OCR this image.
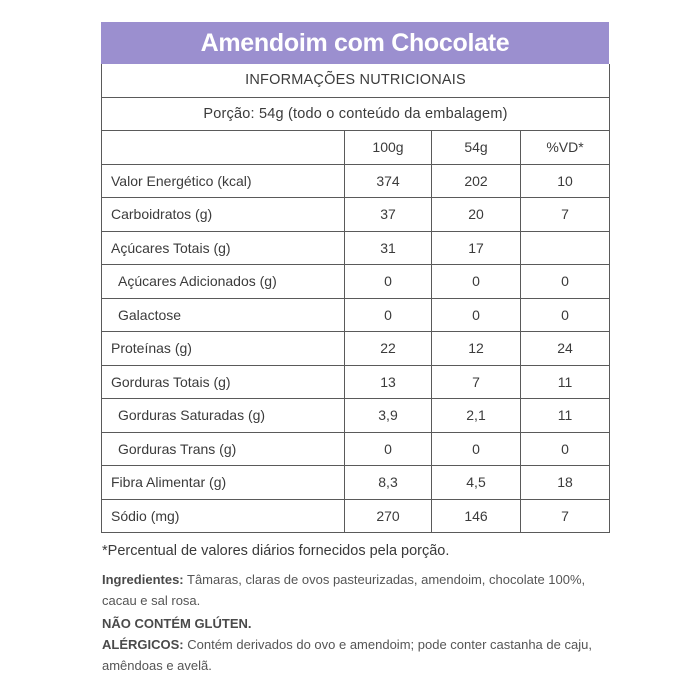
Amendoim com Chocolate
INFORMAÇÕES NUTRICIONAIS			
Porção: 54g (todo o conteúdo da embalagem)			
	100g	54g	%VD*
Valor Energético (kcal)	374	202	10
Carboidratos (g)	37	20	7
Açúcares Totais (g)	31	17	
Açúcares Adicionados (g)	0	0	0
Galactose	0	0	0
Proteínas (g)	22	12	24
Gorduras Totais (g)	13	7	11
Gorduras Saturadas (g)	3,9	2,1	11
Gorduras Trans (g)	0	0	0
Fibra Alimentar (g)	8,3	4,5	18
Sódio (mg)	270	146	7
*Percentual de valores diários fornecidos pela porção.

Ingredientes: Tâmaras, claras de ovos pasteurizadas, amendoim, chocolate 100%, cacau e sal rosa.

NÃO CONTÉM GLÚTEN.

ALÉRGICOS: Contém derivados do ovo e amendoim; pode conter castanha de caju, amêndoas e avelã.
